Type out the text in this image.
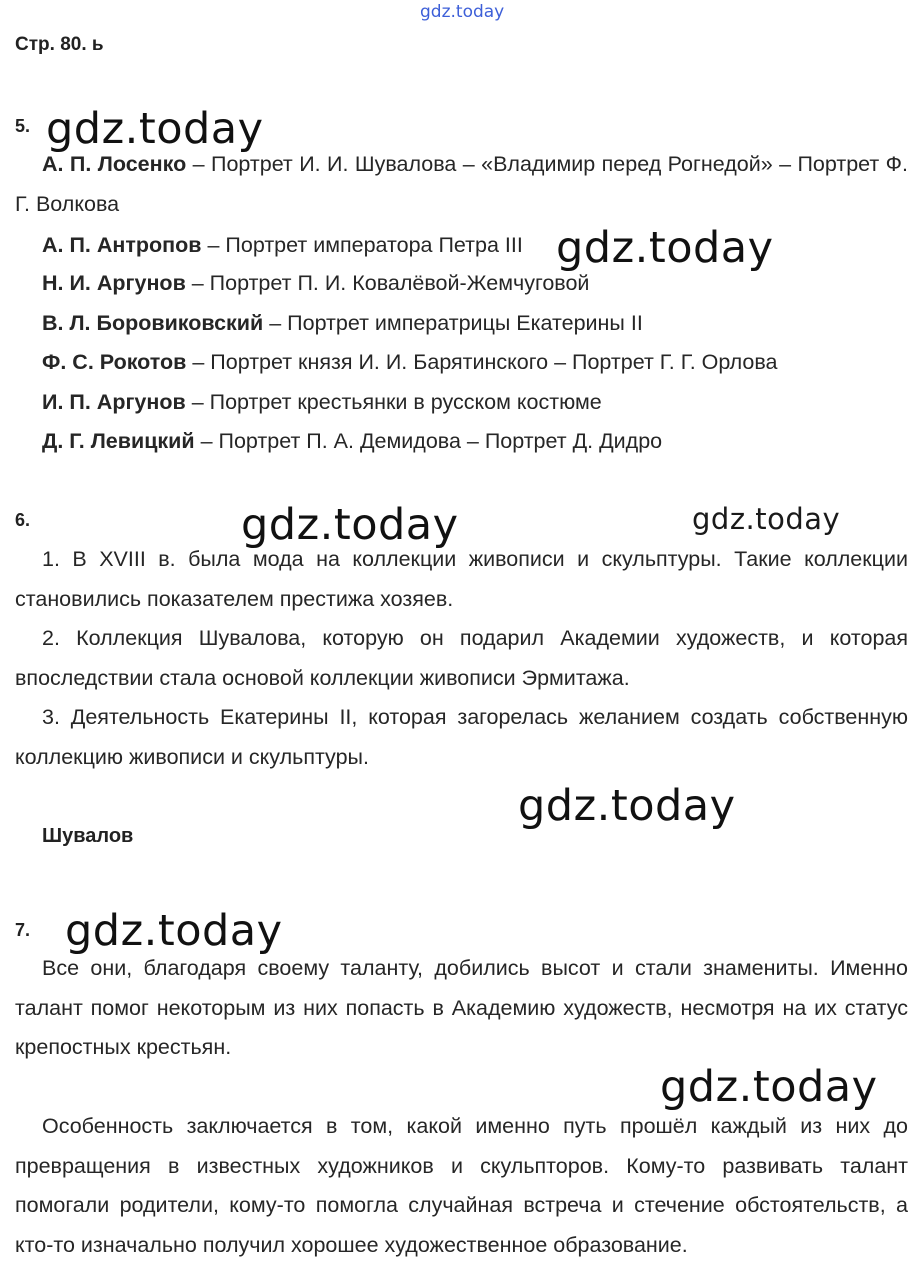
gdz.today
Стр. 80. ь
5. gdz.today
А. П. Лосенко – Портрет И. И. Шувалова – «Владимир перед Рогнедой» – Портрет Ф. Г. Волкова
А. П. Антропов – Портрет императора Петра III gdz.today
Н. И. Аргунов – Портрет П. И. Ковалёвой-Жемчуговой
В. Л. Боровиковский – Портрет императрицы Екатерины II
Ф. С. Рокотов – Портрет князя И. И. Барятинского – Портрет Г. Г. Орлова
И. П. Аргунов – Портрет крестьянки в русском костюме
Д. Г. Левицкий – Портрет П. А. Демидова – Портрет Д. Дидро
6.	gdz.today	gdz.today
1. В XVIII в. была мода на коллекции живописи и скульптуры. Такие коллекции становились показателем престижа хозяев.
2. Коллекция Шувалова, которую он подарил Академии художеств, и которая впоследствии стала основой коллекции живописи Эрмитажа.
3. Деятельность Екатерины II, которая загорелась желанием создать собственную коллекцию живописи и скульптуры.
gdz.today
Шувалов
7. gdz.today
Все они, благодаря своему таланту, добились высот и стали знамениты. Именно талант помог некоторым из них попасть в Академию художеств, несмотря на их статус крепостных крестьян.
gdz.today
Особенность заключается в том, какой именно путь прошёл каждый из них до превращения в известных художников и скульпторов. Кому-то развивать талант помогали родители, кому-то помогла случайная встреча и стечение обстоятельств, а кто-то изначально получил хорошее художественное образование.
